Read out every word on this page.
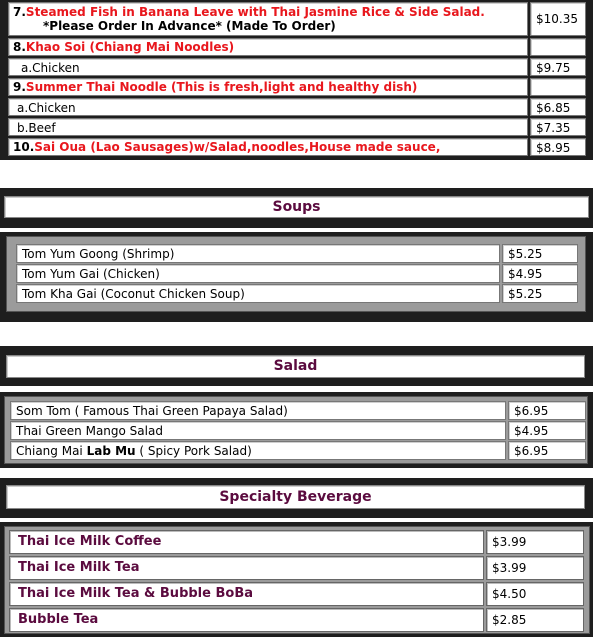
7.Steamed Fish in Banana Leave with Thai Jasmine Rice & Side Salad.
*Please Order In Advance* (Made To Order)	$10.35
8.Khao Soi (Chiang Mai Noodles)
a.Chicken	$9.75
9.Summer Thai Noodle (This is fresh,light and healthy dish)
a.Chicken	$6.85
b.Beef	$7.35
10.Sai Oua (Lao Sausages)w/Salad,noodles,House made sauce,	$8.95
Soups
Tom Yum Goong (Shrimp)	$5.25
Tom Yum Gai (Chicken)	$4.95
Tom Kha Gai (Coconut Chicken Soup)	$5.25
Salad
Som Tom ( Famous Thai Green Papaya Salad)	$6.95
Thai Green Mango Salad	$4.95
Chiang Mai Lab Mu ( Spicy Pork Salad)	$6.95
Specialty Beverage
Thai Ice Milk Coffee	$3.99
Thai Ice Milk Tea	$3.99
Thai Ice Milk Tea & Bubble BoBa	$4.50
Bubble Tea	$2.85
